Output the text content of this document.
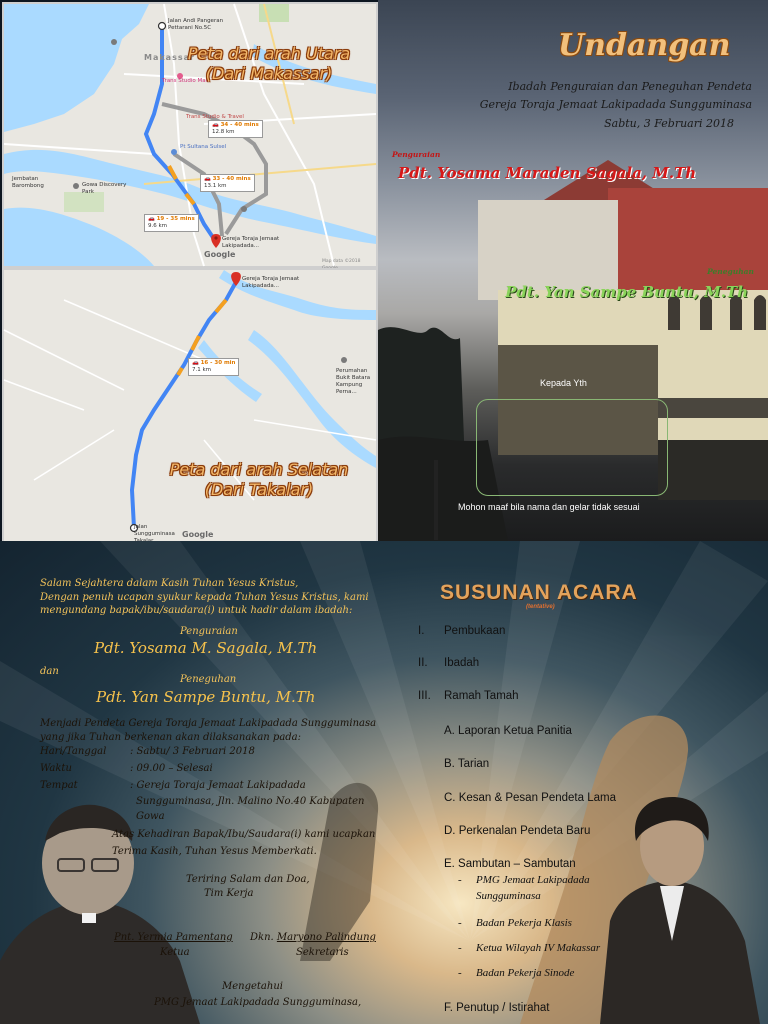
Jalan Andi Pangeran Pettarani No.5C
Makassar
Trans Studio Mall
Trans Studio & Travel
Pt Sultana Sulsel
Gowa Discovery Park
Jembatan Barombong
🚗 34 - 40 mins
12.8 km
🚗 33 - 40 mins
13.1 km
🚗 19 - 35 mins
9.6 km
Gereja Toraja Jemaat Lakipadada...
Map data ©2018
Google
Peta dari arah Utara
(Dari Makassar)
Gereja Toraja Jemaat Lakipadada...
🚗 16 - 30 min
7.1 km	Perumahan Bukit Batara Kampung Perna...
Jalan Sungguminasa Google
Peta dari arah Selatan
(Dari Takalar)
Undangan
Ibadah Penguraian dan Peneguhan Pendeta
Gereja Toraja Jemaat Lakipadada Sungguminasa
Sabtu, 3 Februari 2018
Penguraian
Pdt. Yosama Maraden Sagala, M.Th
Peneguhan
Pdt. Yan Sampe Buntu, M.Th
Kepada Yth
Mohon maaf bila nama dan gelar tidak sesuai
Salam Sejahtera dalam Kasih Tuhan Yesus Kristus,
Dengan penuh ucapan syukur kepada Tuhan Yesus Kristus, kami
mengundang bapak/ibu/saudara(i) untuk hadir dalam ibadah:
Penguraian
Pdt. Yosama M. Sagala, M.Th
dan
Peneguhan
Pdt. Yan Sampe Buntu, M.Th
Menjadi Pendeta Gereja Toraja Jemaat Lakipadada Sungguminasa
yang jika Tuhan berkenan akan dilaksanakan pada:
Hari/Tanggal : Sabtu/ 3 Februari 2018
Waktu	: 09.00 – Selesai
Tempat	: Gereja Toraja Jemaat Lakipadada
Sungguminasa, Jln. Malino No.40 Kabupaten
Gowa
Atas Kehadiran Bapak/Ibu/Saudara(i) kami ucapkan
Terima Kasih, Tuhan Yesus Memberkati.
Teriring Salam dan Doa,
Tim Kerja
Pnt. Yermia Pamentang
Ketua
Dkn. Maryono Palindung
Sekretaris
Mengetahui
PMG Jemaat Lakipadada Sungguminasa,
SUSUNAN ACARA
(tentative)
I. Pembukaan
II. Ibadah
III. Ramah Tamah
A. Laporan Ketua Panitia
B. Tarian
C. Kesan & Pesan Pendeta Lama
D. Perkenalan Pendeta Baru
E. Sambutan – Sambutan
- PMG Jemaat Lakipadada
Sungguminasa
- Badan Pekerja Klasis
- Ketua Wilayah IV Makassar
- Badan Pekerja Sinode
F. Penutup / Istirahat
